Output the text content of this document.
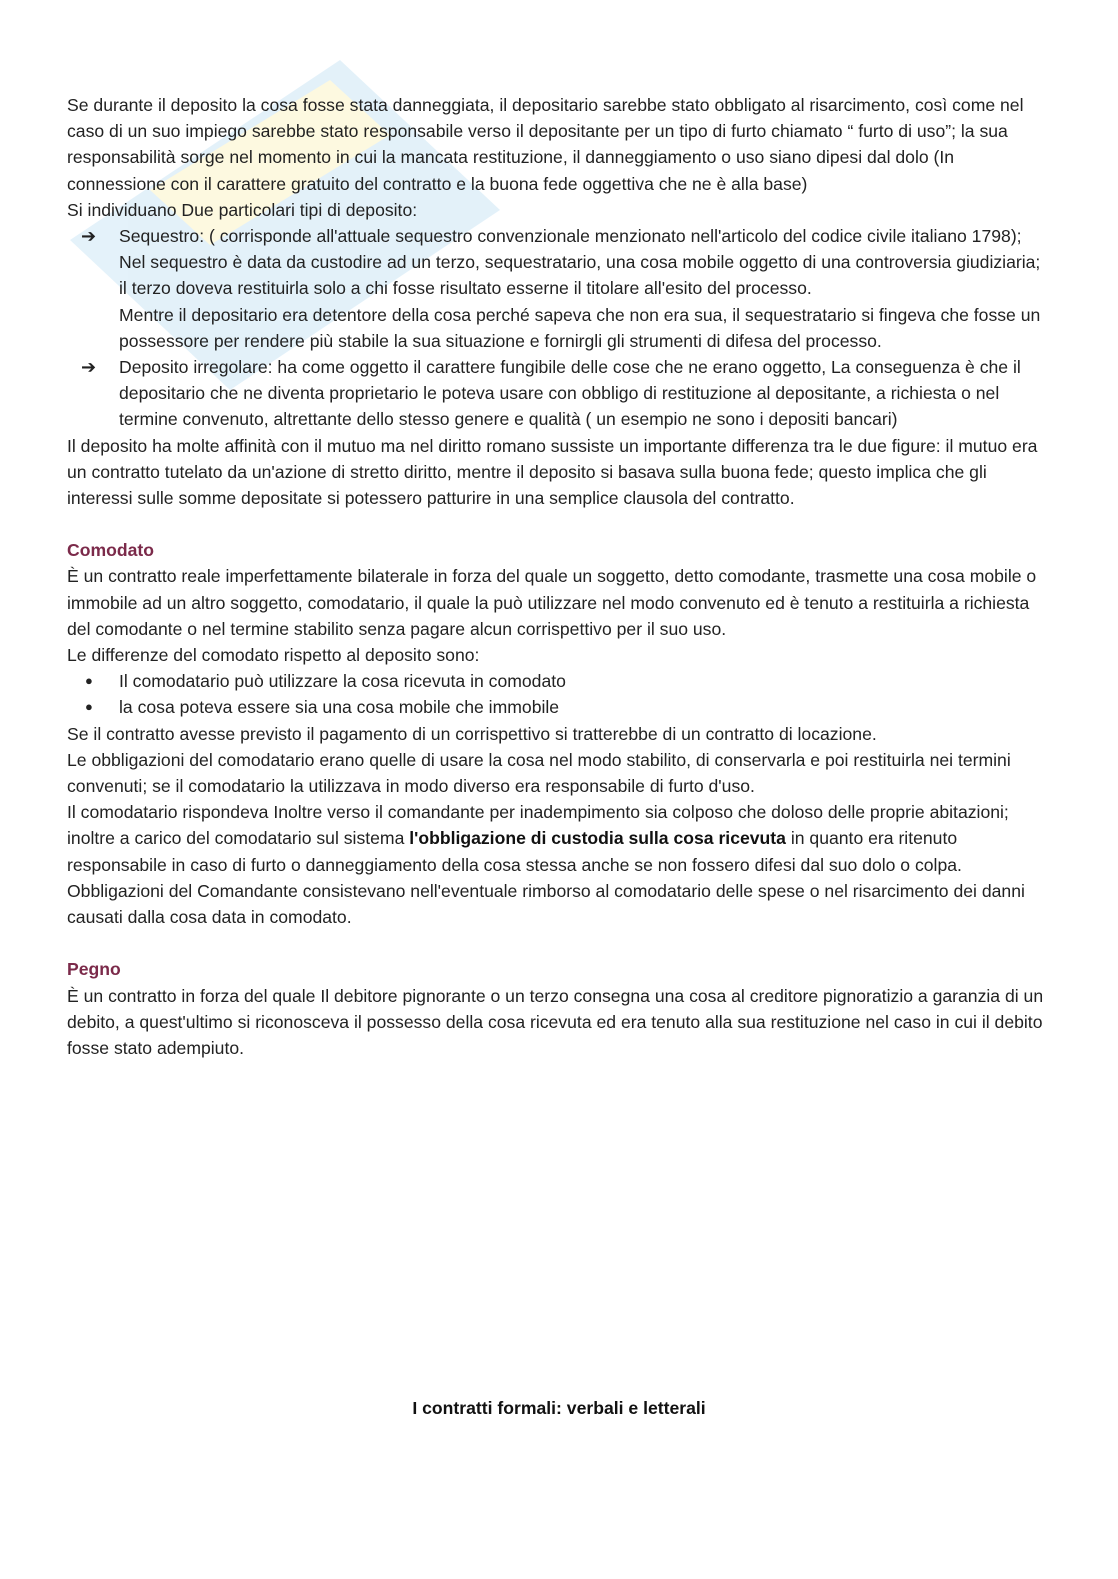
Se durante il deposito la cosa fosse stata danneggiata, il depositario sarebbe stato obbligato al risarcimento, così come nel caso di un suo impiego sarebbe stato responsabile verso il depositante per un tipo di furto chiamato “ furto di uso”; la sua responsabilità sorge nel momento in cui la mancata restituzione, il danneggiamento o uso siano dipesi dal dolo (In connessione con il carattere gratuito del contratto e la buona fede oggettiva che ne è alla base)

Si individuano Due particolari tipi di deposito:

➔	Sequestro: ( corrisponde all'attuale sequestro convenzionale menzionato nell'articolo del codice civile italiano 1798); Nel sequestro è data da custodire ad un terzo, sequestratario, una cosa mobile oggetto di una controversia giudiziaria; il terzo doveva restituirla solo a chi fosse risultato esserne il titolare all'esito del processo.

Mentre il depositario era detentore della cosa perché sapeva che non era sua, il sequestratario si fingeva che fosse un possessore per rendere più stabile la sua situazione e fornirgli gli strumenti di difesa del processo.

➔	Deposito irregolare: ha come oggetto il carattere fungibile delle cose che ne erano oggetto, La conseguenza è che il depositario che ne diventa proprietario le poteva usare con obbligo di restituzione al depositante, a richiesta o nel termine convenuto, altrettante dello stesso genere e qualità ( un esempio ne sono i depositi bancari)

Il deposito ha molte affinità con il mutuo ma nel diritto romano sussiste un importante differenza tra le due figure: il mutuo era un contratto tutelato da un'azione di stretto diritto, mentre il deposito si basava sulla buona fede; questo implica che gli interessi sulle somme depositate si potessero patturire in una semplice clausola del contratto.

Comodato

È un contratto reale imperfettamente bilaterale in forza del quale un soggetto, detto comodante, trasmette una cosa mobile o immobile ad un altro soggetto, comodatario, il quale la può utilizzare nel modo convenuto ed è tenuto a restituirla a richiesta del comodante o nel termine stabilito senza pagare alcun corrispettivo per il suo uso.

Le differenze del comodato rispetto al deposito sono:

●	Il comodatario può utilizzare la cosa ricevuta in comodato

●	la cosa poteva essere sia una cosa mobile che immobile

Se il contratto avesse previsto il pagamento di un corrispettivo si tratterebbe di un contratto di locazione.

Le obbligazioni del comodatario erano quelle di usare la cosa nel modo stabilito, di conservarla e poi restituirla nei termini convenuti; se il comodatario la utilizzava in modo diverso era responsabile di furto d'uso.

Il comodatario rispondeva Inoltre verso il comandante per inadempimento sia colposo che doloso delle proprie abitazioni; inoltre a carico del comodatario sul sistema l'obbligazione di custodia sulla cosa ricevuta in quanto era ritenuto responsabile in caso di furto o danneggiamento della cosa stessa anche se non fossero difesi dal suo dolo o colpa.

Obbligazioni del Comandante consistevano nell'eventuale rimborso al comodatario delle spese o nel risarcimento dei danni causati dalla cosa data in comodato.

Pegno

È un contratto in forza del quale Il debitore pignorante o un terzo consegna una cosa al creditore pignoratizio a garanzia di un debito, a quest'ultimo si riconosceva il possesso della cosa ricevuta ed era tenuto alla sua restituzione nel caso in cui il debito fosse stato adempiuto.

I contratti formali: verbali e letterali
